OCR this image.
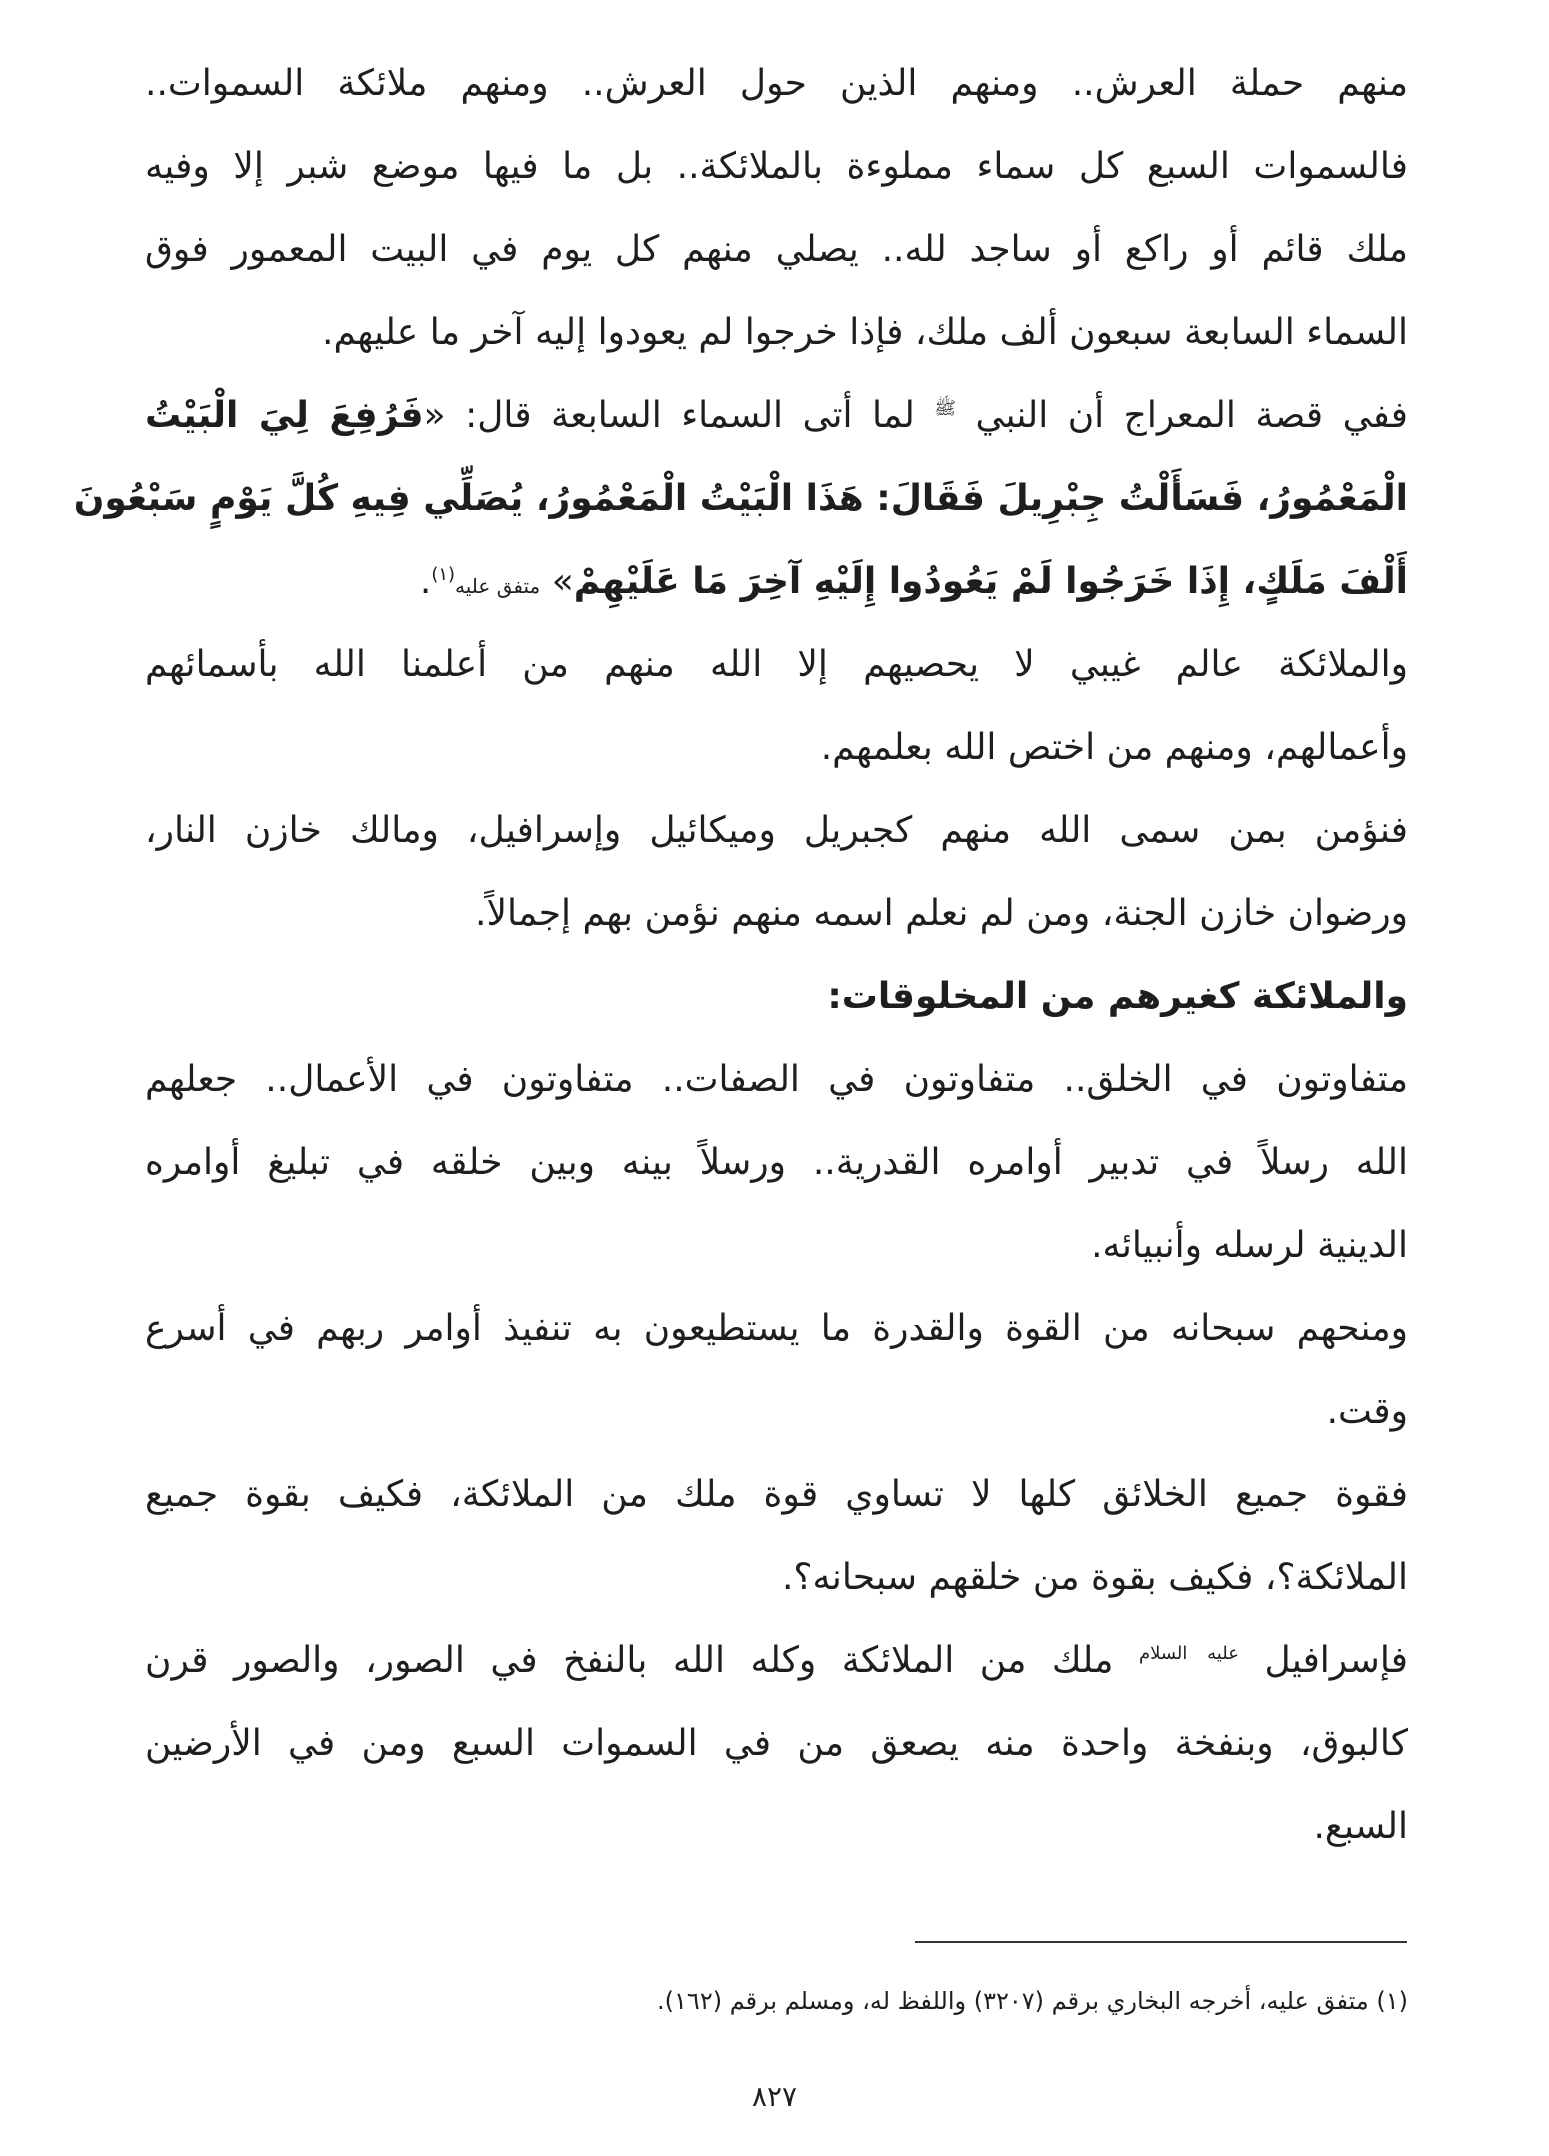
منهم حملة العرش.. ومنهم الذين حول العرش.. ومنهم ملائكة السموات..
فالسموات السبع كل سماء مملوءة بالملائكة.. بل ما فيها موضع شبر إلا وفيه
ملك قائم أو راكع أو ساجد لله.. يصلي منهم كل يوم في البيت المعمور فوق
السماء السابعة سبعون ألف ملك، فإذا خرجوا لم يعودوا إليه آخر ما عليهم.
ففي قصة المعراج أن النبي $^ﷺ$ لما أتى السماء السابعة قال: «فَرُفِعَ لِيَ الْبَيْتُ
الْمَعْمُورُ، فَسَأَلْتُ جِبْرِيلَ فَقَالَ: هَذَا الْبَيْتُ الْمَعْمُورُ، يُصَلِّي فِيهِ كُلَّ يَوْمٍ سَبْعُونَ
أَلْفَ مَلَكٍ، إِذَا خَرَجُوا لَمْ يَعُودُوا إِلَيْهِ آخِرَ مَا عَلَيْهِمْ» متفق عليه$^{(١)}$.
والملائكة عالم غيبي لا يحصيهم إلا الله منهم من أعلمنا الله بأسمائهم
وأعمالهم، ومنهم من اختص الله بعلمهم.
فنؤمن بمن سمى الله منهم كجبريل وميكائيل وإسرافيل، ومالك خازن النار،
ورضوان خازن الجنة، ومن لم نعلم اسمه منهم نؤمن بهم إجمالاً.
والملائكة كغيرهم من المخلوقات:
متفاوتون في الخلق.. متفاوتون في الصفات.. متفاوتون في الأعمال.. جعلهم
الله رسلاً في تدبير أوامره القدرية.. ورسلاً بينه وبين خلقه في تبليغ أوامره
الدينية لرسله وأنبيائه.
ومنحهم سبحانه من القوة والقدرة ما يستطيعون به تنفيذ أوامر ربهم في أسرع
وقت.
فقوة جميع الخلائق كلها لا تساوي قوة ملك من الملائكة، فكيف بقوة جميع
الملائكة؟، فكيف بقوة من خلقهم سبحانه؟.
فإسرافيل $^{عليه السلام}$ ملك من الملائكة وكله الله بالنفخ في الصور، والصور قرن
كالبوق، وبنفخة واحدة منه يصعق من في السموات السبع ومن في الأرضين
السبع.
(١) متفق عليه، أخرجه البخاري برقم (٣٢٠٧) واللفظ له، ومسلم برقم (١٦٢).
٨٢٧
